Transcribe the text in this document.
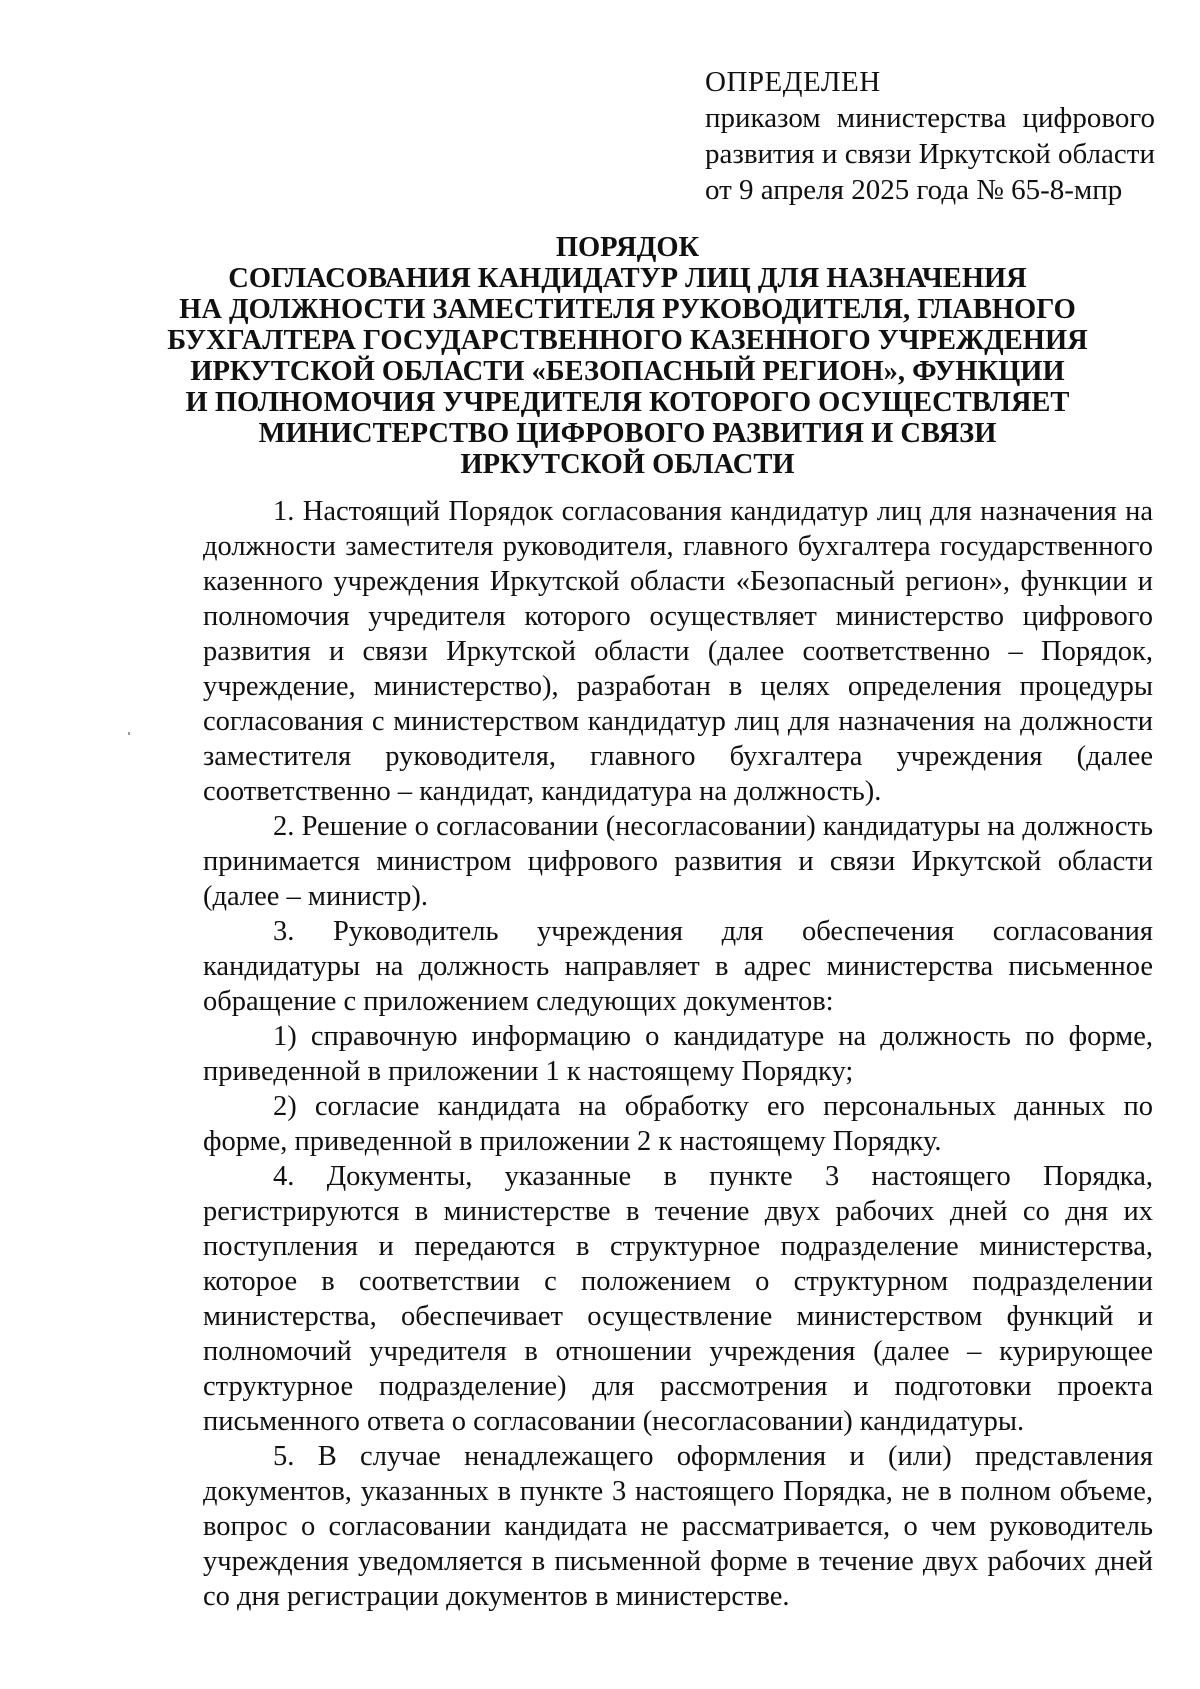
ОПРЕДЕЛЕН
приказом министерства цифрового
развития и связи Иркутской области
от 9 апреля 2025 года № 65-8-мпр
ПОРЯДОК
СОГЛАСОВАНИЯ КАНДИДАТУР ЛИЦ ДЛЯ НАЗНАЧЕНИЯ
НА ДОЛЖНОСТИ ЗАМЕСТИТЕЛЯ РУКОВОДИТЕЛЯ, ГЛАВНОГО
БУХГАЛТЕРА ГОСУДАРСТВЕННОГО КАЗЕННОГО УЧРЕЖДЕНИЯ
ИРКУТСКОЙ ОБЛАСТИ «БЕЗОПАСНЫЙ РЕГИОН», ФУНКЦИИ
И ПОЛНОМОЧИЯ УЧРЕДИТЕЛЯ КОТОРОГО ОСУЩЕСТВЛЯЕТ
МИНИСТЕРСТВО ЦИФРОВОГО РАЗВИТИЯ И СВЯЗИ
ИРКУТСКОЙ ОБЛАСТИ

1. Настоящий Порядок согласования кандидатур лиц для назначения на должности заместителя руководителя, главного бухгалтера государственного казенного учреждения Иркутской области «Безопасный регион», функции и полномочия учредителя которого осуществляет министерство цифрового развития и связи Иркутской области (далее соответственно – Порядок, учреждение, министерство), разработан в целях определения процедуры согласования с министерством кандидатур лиц для назначения на должности заместителя руководителя, главного бухгалтера учреждения (далее соответственно – кандидат, кандидатура на должность).

2. Решение о согласовании (несогласовании) кандидатуры на должность принимается министром цифрового развития и связи Иркутской области (далее – министр).

3. Руководитель учреждения для обеспечения согласования кандидатуры на должность направляет в адрес министерства письменное обращение с приложением следующих документов:

1) справочную информацию о кандидатуре на должность по форме, приведенной в приложении 1 к настоящему Порядку;

2) согласие кандидата на обработку его персональных данных по форме, приведенной в приложении 2 к настоящему Порядку.

4. Документы, указанные в пункте 3 настоящего Порядка, регистрируются в министерстве в течение двух рабочих дней со дня их поступления и передаются в структурное подразделение министерства, которое в соответствии с положением о структурном подразделении министерства, обеспечивает осуществление министерством функций и полномочий учредителя в отношении учреждения (далее – курирующее структурное подразделение) для рассмотрения и подготовки проекта письменного ответа о согласовании (несогласовании) кандидатуры.

5. В случае ненадлежащего оформления и (или) представления документов, указанных в пункте 3 настоящего Порядка, не в полном объеме, вопрос о согласовании кандидата не рассматривается, о чем руководитель учреждения уведомляется в письменной форме в течение двух рабочих дней со дня регистрации документов в министерстве.
